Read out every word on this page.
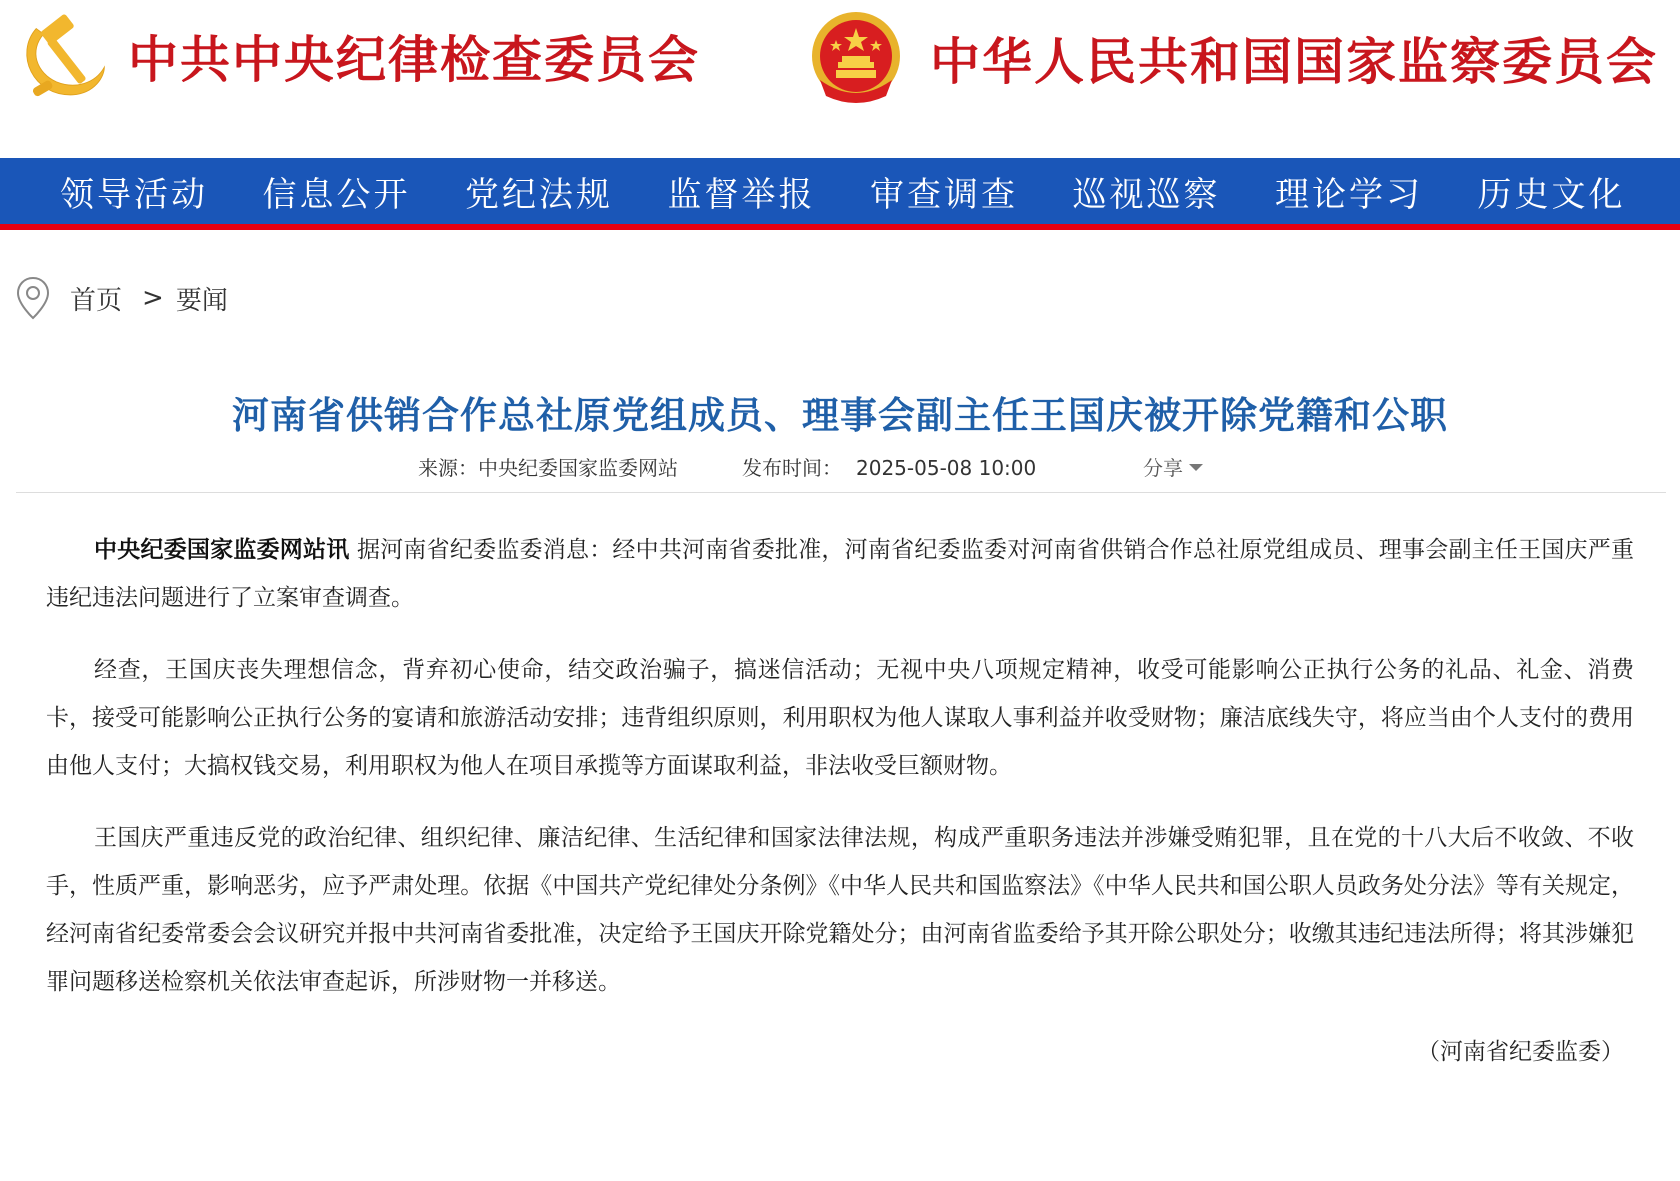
中共中央纪律检查委员会	中华人民共和国国家监察委员会
领导活动	信息公开	党纪法规	监督举报	审查调查	巡视巡察	理论学习	历史文化
首页 > 要闻
河南省供销合作总社原党组成员、理事会副主任王国庆被开除党籍和公职
来源：中央纪委国家监委网站	发布时间： 2025-05-08 10:00	分享

中央纪委国家监委网站讯 据河南省纪委监委消息：经中共河南省委批准，河南省纪委监委对河南省供销合作总社原党组成员、理事会副主任王国庆严重违纪违法问题进行了立案审查调查。

经查，王国庆丧失理想信念，背弃初心使命，结交政治骗子，搞迷信活动；无视中央八项规定精神，收受可能影响公正执行公务的礼品、礼金、消费卡，接受可能影响公正执行公务的宴请和旅游活动安排；违背组织原则，利用职权为他人谋取人事利益并收受财物；廉洁底线失守，将应当由个人支付的费用由他人支付；大搞权钱交易，利用职权为他人在项目承揽等方面谋取利益，非法收受巨额财物。

王国庆严重违反党的政治纪律、组织纪律、廉洁纪律、生活纪律和国家法律法规，构成严重职务违法并涉嫌受贿犯罪，且在党的十八大后不收敛、不收手，性质严重，影响恶劣，应予严肃处理。依据《中国共产党纪律处分条例》《中华人民共和国监察法》《中华人民共和国公职人员政务处分法》等有关规定，经河南省纪委常委会会议研究并报中共河南省委批准，决定给予王国庆开除党籍处分；由河南省监委给予其开除公职处分；收缴其违纪违法所得；将其涉嫌犯罪问题移送检察机关依法审查起诉，所涉财物一并移送。

（河南省纪委监委）
